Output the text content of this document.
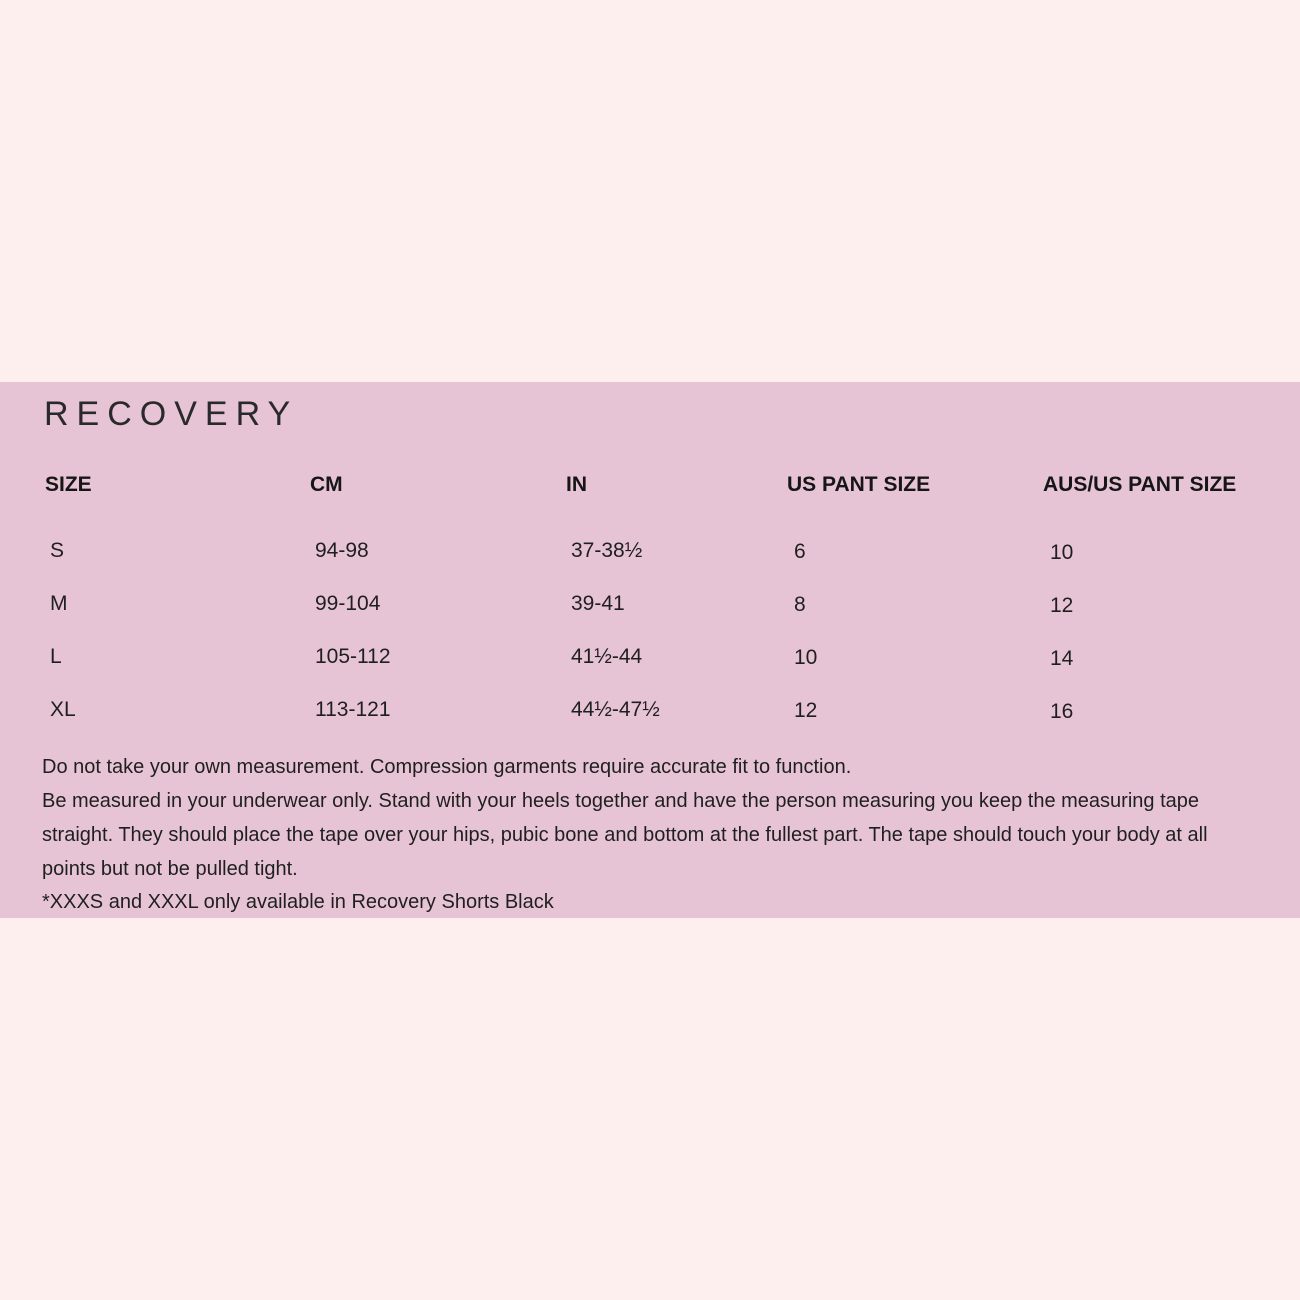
RECOVERY
SIZE	CM	IN	US PANT SIZE	AUS/US PANT SIZE
S	94-98	37-38½	6	10
M	99-104	39-41	8	12
L	105-112	41½-44	10	14
XL	113-121	44½-47½	12	16

Do not take your own measurement. Compression garments require accurate fit to function.

Be measured in your underwear only. Stand with your heels together and have the person measuring you keep the measuring tape straight. They should place the tape over your hips, pubic bone and bottom at the fullest part. The tape should touch your body at all points but not be pulled tight.

*XXXS and XXXL only available in Recovery Shorts Black
